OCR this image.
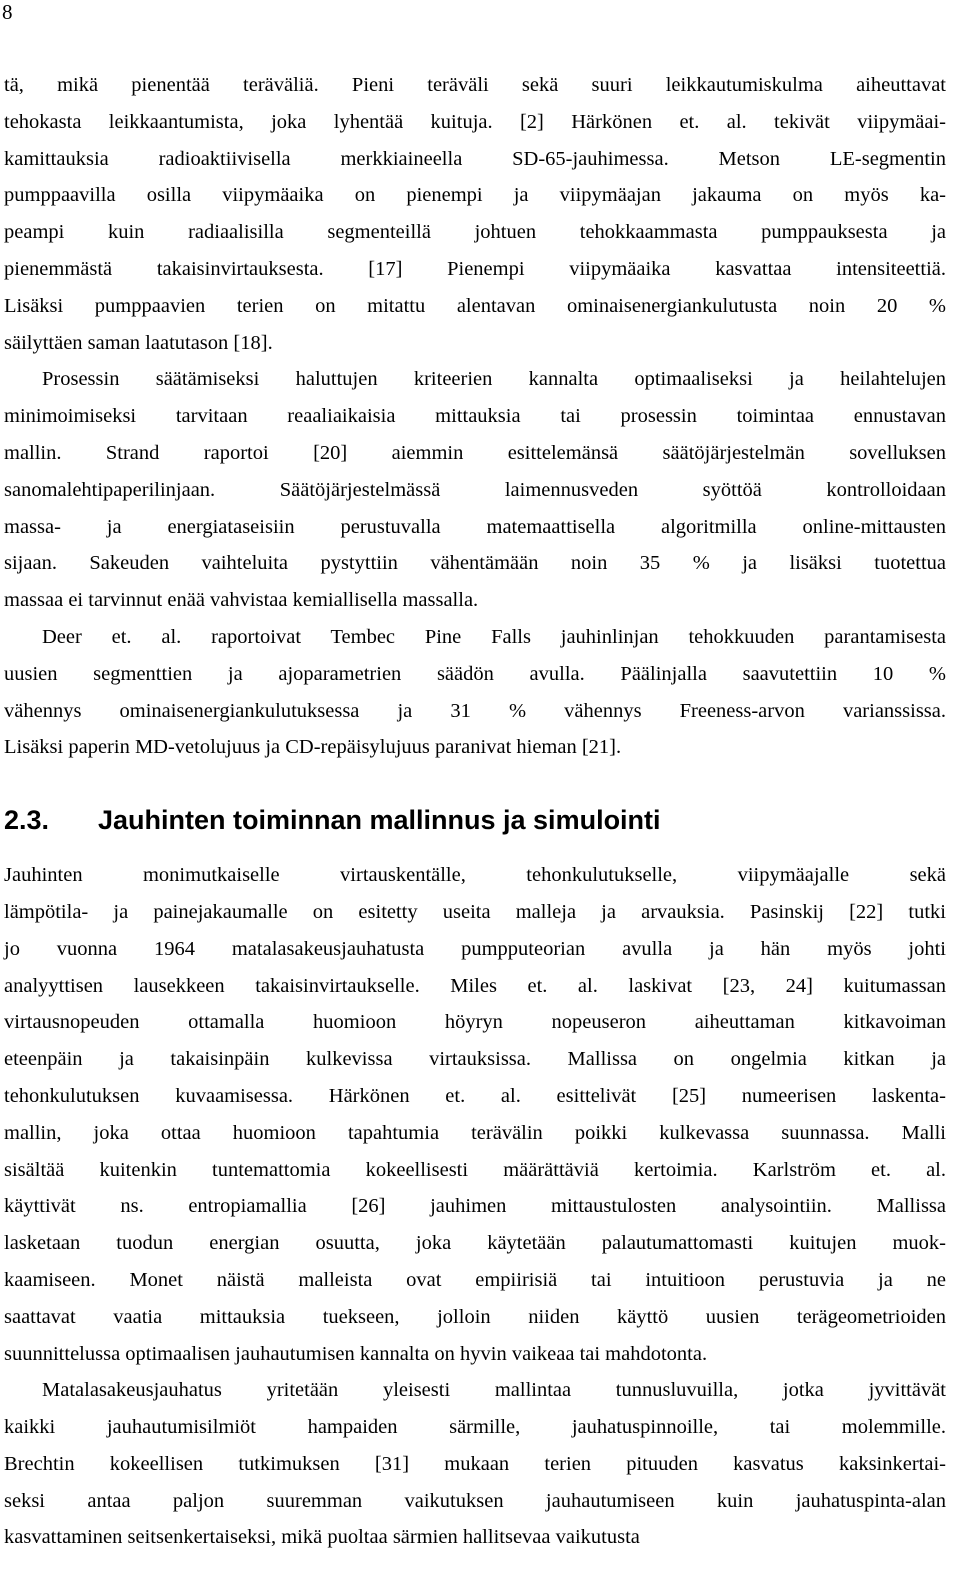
8
tä, mikä pienentää teräväliä. Pieni teräväli sekä suuri leikkautumiskulma aiheuttavat
tehokasta leikkaantumista, joka lyhentää kuituja. [2] Härkönen et. al. tekivät viipymäai-
kamittauksia radioaktiivisella merkkiaineella SD-65-jauhimessa. Metson LE-segmentin
pumppaavilla osilla viipymäaika on pienempi ja viipymäajan jakauma on myös ka-
peampi kuin radiaalisilla segmenteillä johtuen tehokkaammasta pumppauksesta ja
pienemmästä takaisinvirtauksesta. [17] Pienempi viipymäaika kasvattaa intensiteettiä.
Lisäksi pumppaavien terien on mitattu alentavan ominaisenergiankulutusta noin 20 %
säilyttäen saman laatutason [18].
Prosessin säätämiseksi haluttujen kriteerien kannalta optimaaliseksi ja heilahtelujen
minimoimiseksi tarvitaan reaaliaikaisia mittauksia tai prosessin toimintaa ennustavan
mallin. Strand raportoi [20] aiemmin esittelemänsä säätöjärjestelmän sovelluksen
sanomalehtipaperilinjaan. Säätöjärjestelmässä laimennusveden syöttöä kontrolloidaan
massa- ja energiataseisiin perustuvalla matemaattisella algoritmilla online-mittausten
sijaan. Sakeuden vaihteluita pystyttiin vähentämään noin 35 % ja lisäksi tuotettua
massaa ei tarvinnut enää vahvistaa kemiallisella massalla.
Deer et. al. raportoivat Tembec Pine Falls jauhinlinjan tehokkuuden parantamisesta
uusien segmenttien ja ajoparametrien säädön avulla. Päälinjalla saavutettiin 10 %
vähennys ominaisenergiankulutuksessa ja 31 % vähennys Freeness-arvon varianssissa.
Lisäksi paperin MD-vetolujuus ja CD-repäisylujuus paranivat hieman [21].
2.3.	Jauhinten toiminnan mallinnus ja simulointi
Jauhinten monimutkaiselle virtauskentälle, tehonkulutukselle, viipymäajalle sekä
lämpötila- ja painejakaumalle on esitetty useita malleja ja arvauksia. Pasinskij [22] tutki
jo vuonna 1964 matalasakeusjauhatusta pumpputeorian avulla ja hän myös johti
analyyttisen lausekkeen takaisinvirtaukselle. Miles et. al. laskivat [23, 24] kuitumassan
virtausnopeuden ottamalla huomioon höyryn nopeuseron aiheuttaman kitkavoiman
eteenpäin ja takaisinpäin kulkevissa virtauksissa. Mallissa on ongelmia kitkan ja
tehonkulutuksen kuvaamisessa. Härkönen et. al. esittelivät [25] numeerisen laskenta-
mallin, joka ottaa huomioon tapahtumia terävälin poikki kulkevassa suunnassa. Malli
sisältää kuitenkin tuntemattomia kokeellisesti määrättäviä kertoimia. Karlström et. al.
käyttivät ns. entropiamallia [26] jauhimen mittaustulosten analysointiin. Mallissa
lasketaan tuodun energian osuutta, joka käytetään palautumattomasti kuitujen muok-
kaamiseen. Monet näistä malleista ovat empiirisiä tai intuitioon perustuvia ja ne
saattavat vaatia mittauksia tuekseen, jolloin niiden käyttö uusien terägeometrioiden
suunnittelussa optimaalisen jauhautumisen kannalta on hyvin vaikeaa tai mahdotonta.
Matalasakeusjauhatus yritetään yleisesti mallintaa tunnusluvuilla, jotka jyvittävät
kaikki jauhautumisilmiöt hampaiden särmille, jauhatuspinnoille, tai molemmille.
Brechtin kokeellisen tutkimuksen [31] mukaan terien pituuden kasvatus kaksinkertai-
seksi antaa paljon suuremman vaikutuksen jauhautumiseen kuin jauhatuspinta-alan
kasvattaminen seitsenkertaiseksi, mikä puoltaa särmien hallitsevaa vaikutusta
